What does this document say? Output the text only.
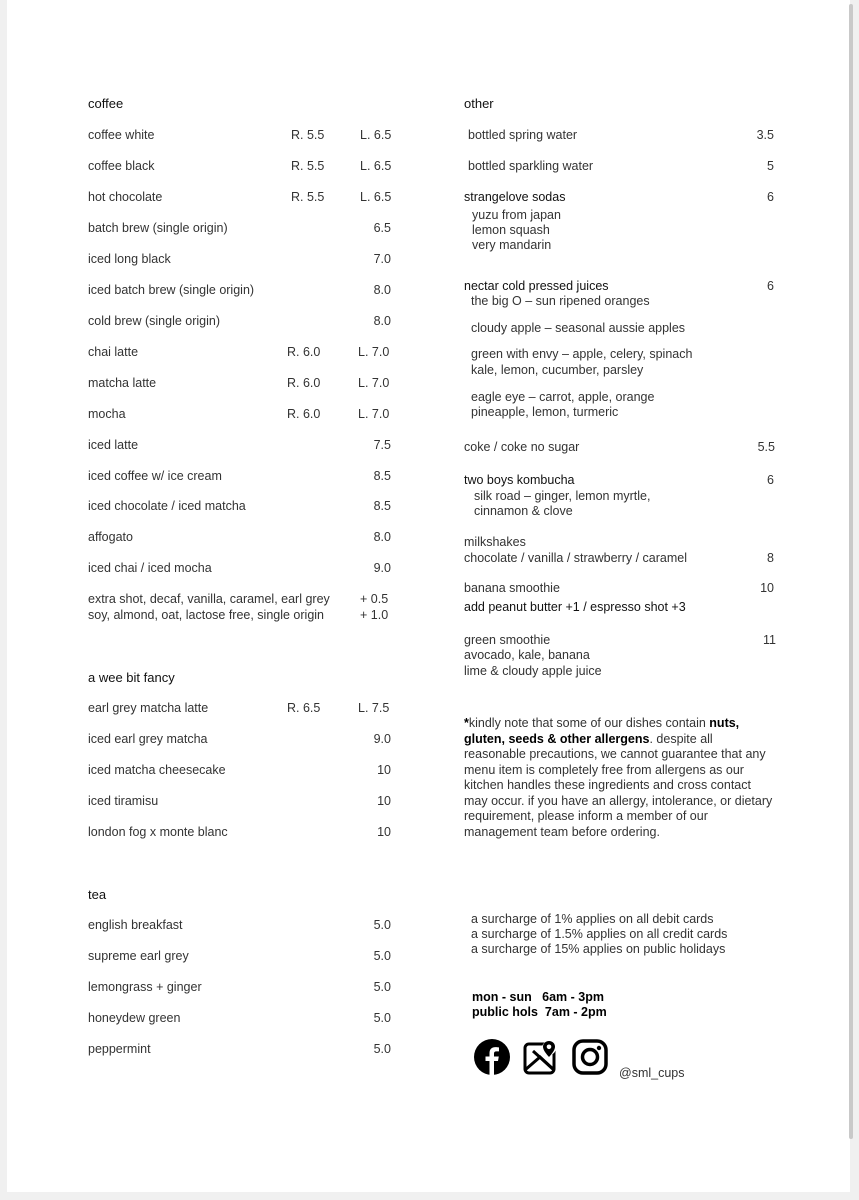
coffee
coffee white	R. 5.5	L. 6.5
coffee black	R. 5.5	L. 6.5
hot chocolate	R. 5.5	L. 6.5
batch brew (single origin)	6.5
iced long black	7.0
iced batch brew (single origin)	8.0
cold brew (single origin)	8.0
chai latte	R. 6.0	L. 7.0
matcha latte	R. 6.0	L. 7.0
mocha	R. 6.0	L. 7.0
iced latte	7.5
iced coffee w/ ice cream	8.5
iced chocolate / iced matcha	8.5
affogato	8.0
iced chai / iced mocha	9.0
extra shot, decaf, vanilla, caramel, earl grey + 0.5
soy, almond, oat, lactose free, single origin	+ 1.0
a wee bit fancy
earl grey matcha latte	R. 6.5	L. 7.5
iced earl grey matcha	9.0
iced matcha cheesecake	10
iced tiramisu	10
london fog x monte blanc	10
tea
english breakfast	5.0
supreme earl grey	5.0
lemongrass + ginger	5.0
honeydew green	5.0
peppermint	5.0
other
bottled spring water	3.5
bottled sparkling water	5
strangelove sodas	6
yuzu from japan
lemon squash
very mandarin
nectar cold pressed juices	6
the big O – sun ripened oranges
cloudy apple – seasonal aussie apples
green with envy – apple, celery, spinach
kale, lemon, cucumber, parsley
eagle eye – carrot, apple, orange
pineapple, lemon, turmeric
coke / coke no sugar	5.5
two boys kombucha	6
silk road – ginger, lemon myrtle,
cinnamon & clove
milkshakes
chocolate / vanilla / strawberry / caramel	8
banana smoothie	10
add peanut butter +1 / espresso shot +3
green smoothie	11
avocado, kale, banana
lime & cloudy apple juice
*kindly note that some of our dishes contain nuts, gluten, seeds & other allergens. despite all reasonable precautions, we cannot guarantee that any menu item is completely free from allergens as our kitchen handles these ingredients and cross contact may occur. if you have an allergy, intolerance, or dietary requirement, please inform a member of our management team before ordering.
a surcharge of 1% applies on all debit cards
a surcharge of 1.5% applies on all credit cards
a surcharge of 15% applies on public holidays
mon - sun   6am - 3pm
public hols  7am - 2pm
@sml_cups
